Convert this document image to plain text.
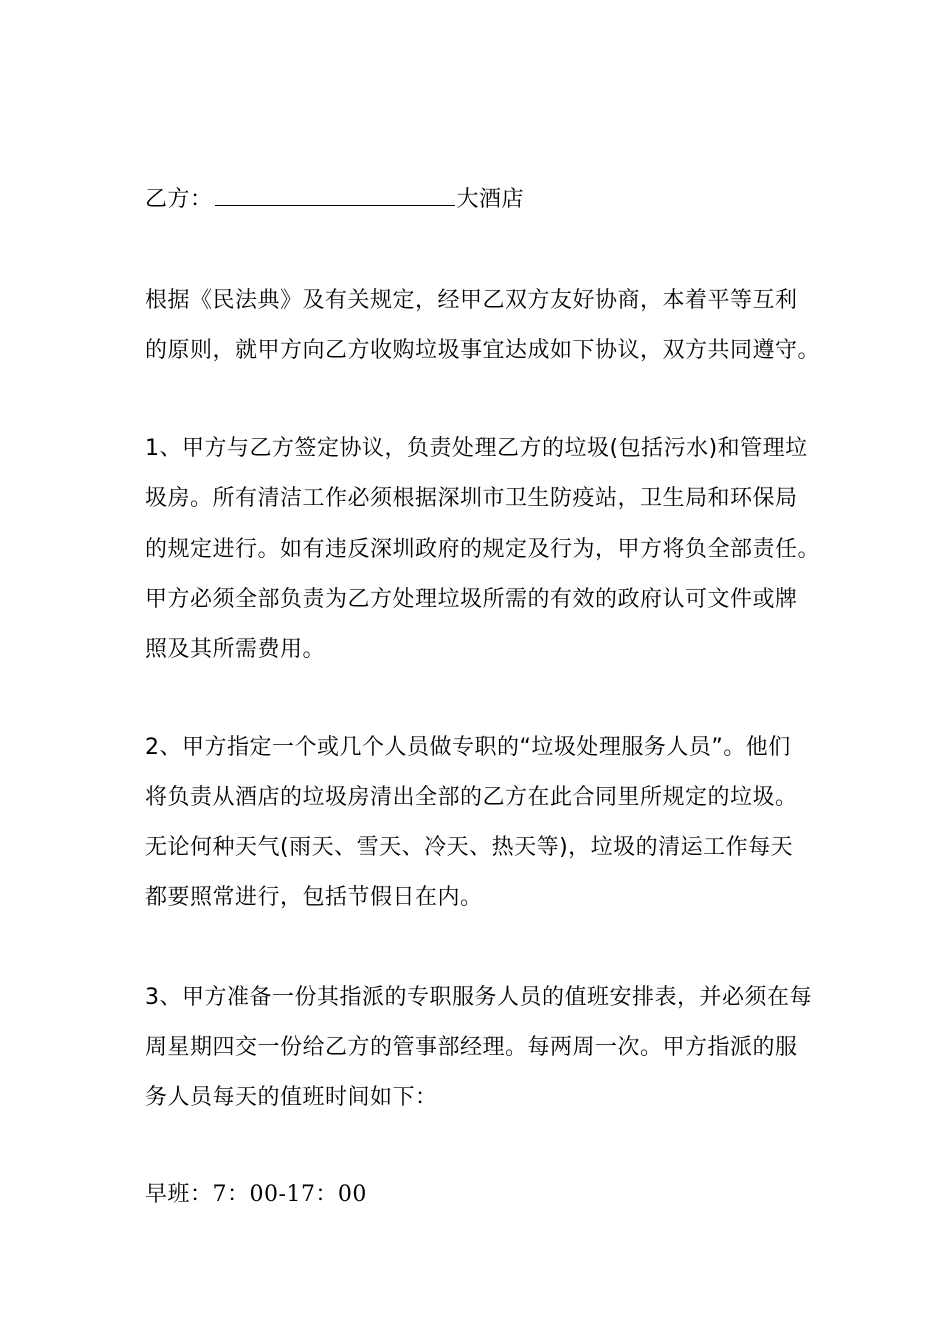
乙方：	大酒店
根据《民法典》及有关规定，经甲乙双方友好协商，本着平等互利
的原则，就甲方向乙方收购垃圾事宜达成如下协议，双方共同遵守。
1、甲方与乙方签定协议，负责处理乙方的垃圾(包括污水)和管理垃
圾房。所有清洁工作必须根据深圳市卫生防疫站，卫生局和环保局
的规定进行。如有违反深圳政府的规定及行为，甲方将负全部责任。
甲方必须全部负责为乙方处理垃圾所需的有效的政府认可文件或牌
照及其所需费用。
2、甲方指定一个或几个人员做专职的“垃圾处理服务人员”。他们
将负责从酒店的垃圾房清出全部的乙方在此合同里所规定的垃圾。
无论何种天气(雨天、雪天、冷天、热天等)，垃圾的清运工作每天
都要照常进行，包括节假日在内。
3、甲方准备一份其指派的专职服务人员的值班安排表，并必须在每
周星期四交一份给乙方的管事部经理。每两周一次。甲方指派的服
务人员每天的值班时间如下：
早班：7：00-17：00
